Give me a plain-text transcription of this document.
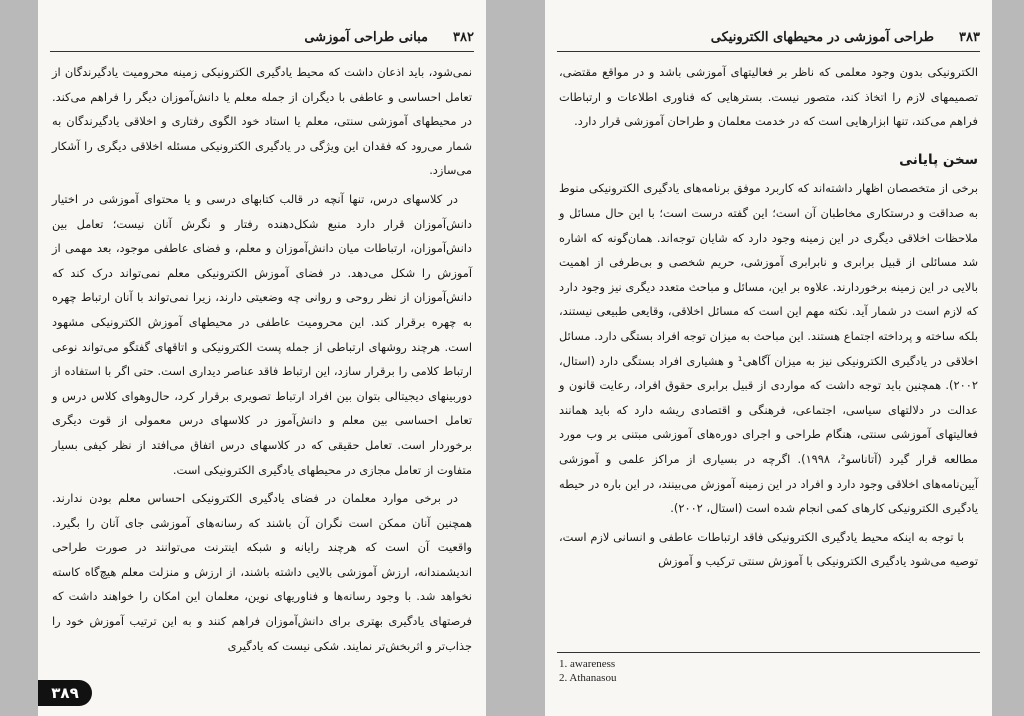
۳۸۲
مبانی طراحی آموزشی

نمی‌شود، باید اذعان داشت که محیط یادگیری الکترونیکی زمینه محرومیت یادگیرندگان از تعامل احساسی و عاطفی با دیگران از جمله معلم یا دانش‌آموزان دیگر را فراهم می‌کند. در محیطهای آموزشی سنتی، معلم یا استاد خود الگوی رفتاری و اخلاقی یادگیرندگان به شمار می‌رود که فقدان این ویژگی در یادگیری الکترونیکی مسئله اخلاقی دیگری را آشکار می‌سازد.

در کلاسهای درس، تنها آنچه در قالب کتابهای درسی و یا محتوای آموزشی در اختیار دانش‌آموزان قرار دارد منبع شکل‌دهنده رفتار و نگرش آنان نیست؛ تعامل بین دانش‌آموزان، ارتباطات میان دانش‌آموزان و معلم، و فضای عاطفی موجود، بعد مهمی از آموزش را شکل می‌دهد. در فضای آموزش الکترونیکی معلم نمی‌تواند درک کند که دانش‌آموزان از نظر روحی و روانی چه وضعیتی دارند، زیرا نمی‌تواند با آنان ارتباط چهره به چهره برقرار کند. این محرومیت عاطفی در محیطهای آموزش الکترونیکی مشهود است. هرچند روشهای ارتباطی از جمله پست الکترونیکی و اتاقهای گفتگو می‌تواند نوعی ارتباط کلامی را برقرار سازد، این ارتباط فاقد عناصر دیداری است. حتی اگر با استفاده از دوربینهای دیجیتالی بتوان بین افراد ارتباط تصویری برقرار کرد، حال‌وهوای کلاس درس و تعامل احساسی بین معلم و دانش‌آموز در کلاسهای درس معمولی از قوت دیگری برخوردار است. تعامل حقیقی که در کلاسهای درس اتفاق می‌افتد از نظر کیفی بسیار متفاوت از تعامل مجازی در محیطهای یادگیری الکترونیکی است.

در برخی موارد معلمان در فضای یادگیری الکترونیکی احساس معلم بودن ندارند. همچنین آنان ممکن است نگران آن باشند که رسانه‌های آموزشی جای آنان را بگیرد. واقعیت آن است که هرچند رایانه و شبکه اینترنت می‌توانند در صورت طراحی اندیشمندانه، ارزش آموزشی بالایی داشته باشند، از ارزش و منزلت معلم هیچ‌گاه کاسته نخواهد شد. با وجود رسانه‌ها و فناوریهای نوین، معلمان این امکان را خواهند داشت که فرصتهای یادگیری بهتری برای دانش‌آموزان فراهم کنند و به این ترتیب آموزش خود را جذاب‌تر و اثربخش‌تر نمایند. شکی نیست که یادگیری

۳۸۹
۳۸۳
طراحی آموزشی در محیطهای الکترونیکی

الکترونیکی بدون وجود معلمی که ناظر بر فعالیتهای آموزشی باشد و در مواقع مقتضی، تصمیمهای لازم را اتخاذ کند، متصور نیست. بسترهایی که فناوری اطلاعات و ارتباطات فراهم می‌کند، تنها ابزارهایی است که در خدمت معلمان و طراحان آموزشی قرار دارد.

سخن پایانی

برخی از متخصصان اظهار داشته‌اند که کاربرد موفق برنامه‌های یادگیری الکترونیکی منوط به صداقت و درستکاری مخاطبان آن است؛ این گفته درست است؛ با این حال مسائل و ملاحظات اخلاقی دیگری در این زمینه وجود دارد که شایان توجه‌اند. همان‌گونه که اشاره شد مسائلی از قبیل برابری و نابرابری آموزشی، حریم شخصی و بی‌طرفی از اهمیت بالایی در این زمینه برخوردارند. علاوه بر این، مسائل و مباحث متعدد دیگری نیز وجود دارد که لازم است در شمار آید. نکته مهم این است که مسائل اخلاقی، وقایعی طبیعی نیستند، بلکه ساخته و پرداخته اجتماع هستند. این مباحث به میزان توجه افراد بستگی دارد. مسائل اخلاقی در یادگیری الکترونیکی نیز به میزان آگاهی¹ و هشیاری افراد بستگی دارد (استال، ۲۰۰۲). همچنین باید توجه داشت که مواردی از قبیل برابری حقوق افراد، رعایت قانون و عدالت در دلالتهای سیاسی، اجتماعی، فرهنگی و اقتصادی ریشه دارد که باید همانند فعالیتهای آموزشی سنتی، هنگام طراحی و اجرای دوره‌های آموزشی مبتنی بر وب مورد مطالعه قرار گیرد (آتاناسو²، ۱۹۹۸). اگرچه در بسیاری از مراکز علمی و آموزشی آیین‌نامه‌های اخلاقی وجود دارد و افراد در این زمینه آموزش می‌بینند، در این باره در حیطه یادگیری الکترونیکی کارهای کمی انجام شده است (استال، ۲۰۰۲).

با توجه به اینکه محیط یادگیری الکترونیکی فاقد ارتباطات عاطفی و انسانی لازم است، توصیه می‌شود یادگیری الکترونیکی با آموزش سنتی ترکیب و آموزش

1. awareness
2. Athanasou
